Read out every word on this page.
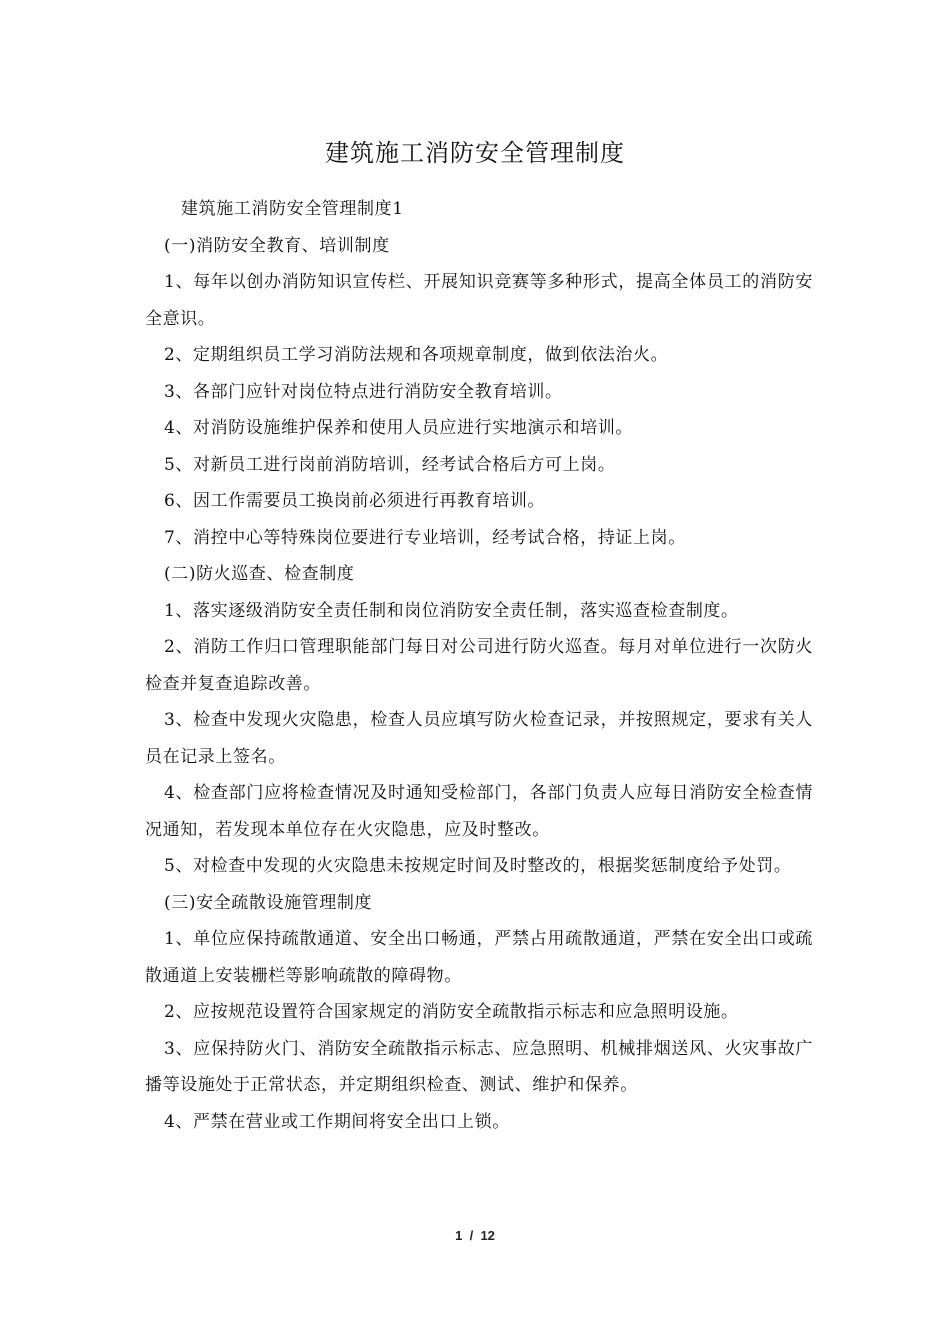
建筑施工消防安全管理制度

建筑施工消防安全管理制度1

(一)消防安全教育、培训制度

1、每年以创办消防知识宣传栏、开展知识竞赛等多种形式，提高全体员工的消防安全意识。

2、定期组织员工学习消防法规和各项规章制度，做到依法治火。

3、各部门应针对岗位特点进行消防安全教育培训。

4、对消防设施维护保养和使用人员应进行实地演示和培训。

5、对新员工进行岗前消防培训，经考试合格后方可上岗。

6、因工作需要员工换岗前必须进行再教育培训。

7、消控中心等特殊岗位要进行专业培训，经考试合格，持证上岗。

(二)防火巡查、检查制度

1、落实逐级消防安全责任制和岗位消防安全责任制，落实巡查检查制度。

2、消防工作归口管理职能部门每日对公司进行防火巡查。每月对单位进行一次防火检查并复查追踪改善。

3、检查中发现火灾隐患，检查人员应填写防火检查记录，并按照规定，要求有关人员在记录上签名。

4、检查部门应将检查情况及时通知受检部门，各部门负责人应每日消防安全检查情况通知，若发现本单位存在火灾隐患，应及时整改。

5、对检查中发现的火灾隐患未按规定时间及时整改的，根据奖惩制度给予处罚。

(三)安全疏散设施管理制度

1、单位应保持疏散通道、安全出口畅通，严禁占用疏散通道，严禁在安全出口或疏散通道上安装栅栏等影响疏散的障碍物。

2、应按规范设置符合国家规定的消防安全疏散指示标志和应急照明设施。

3、应保持防火门、消防安全疏散指示标志、应急照明、机械排烟送风、火灾事故广播等设施处于正常状态，并定期组织检查、测试、维护和保养。

4、严禁在营业或工作期间将安全出口上锁。

1 / 12
